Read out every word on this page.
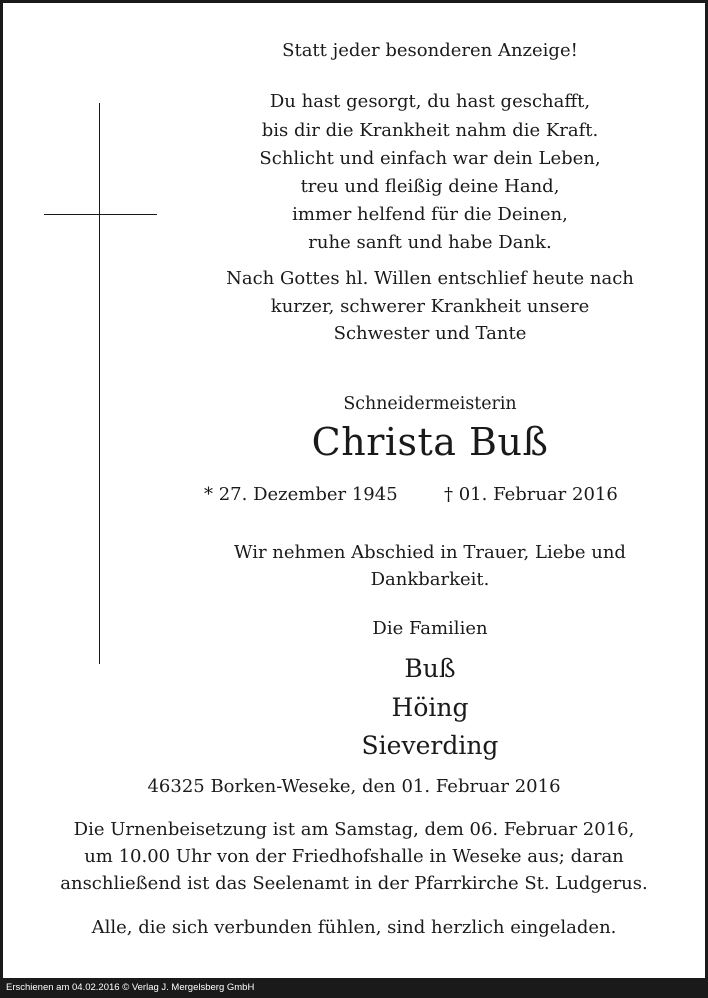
Statt jeder besonderen Anzeige!
Du hast gesorgt, du hast geschafft,
bis dir die Krankheit nahm die Kraft.
Schlicht und einfach war dein Leben,
treu und fleißig deine Hand,
immer helfend für die Deinen,
ruhe sanft und habe Dank.
Nach Gottes hl. Willen entschlief heute nach
kurzer, schwerer Krankheit unsere
Schwester und Tante
Schneidermeisterin
Christa Buß
* 27. Dezember 1945	† 01. Februar 2016
Wir nehmen Abschied in Trauer, Liebe und
Dankbarkeit.
Die Familien
Buß
Höing
Sieverding
46325 Borken-Weseke, den 01. Februar 2016
Die Urnenbeisetzung ist am Samstag, dem 06. Februar 2016,
um 10.00 Uhr von der Friedhofshalle in Weseke aus; daran
anschließend ist das Seelenamt in der Pfarrkirche St. Ludgerus.
Alle, die sich verbunden fühlen, sind herzlich eingeladen.
Erschienen am 04.02.2016 © Verlag J. Mergelsberg GmbH
